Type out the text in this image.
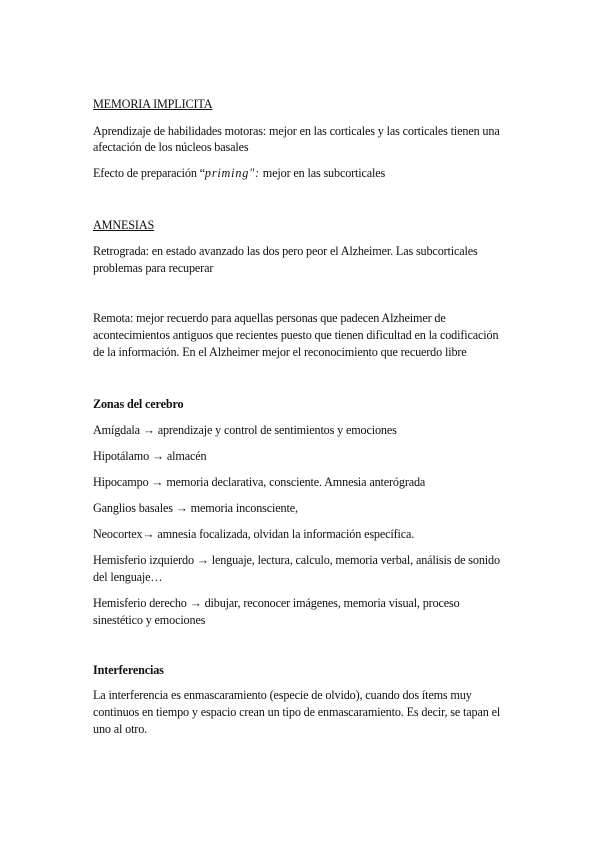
MEMORIA IMPLICITA
Aprendizaje de habilidades motoras: mejor en las corticales y las corticales tienen una
afectación de los núcleos basales
Efecto de preparación “priming": mejor en las subcorticales
AMNESIAS
Retrograda: en estado avanzado las dos pero peor el Alzheimer. Las subcorticales
problemas para recuperar
Remota: mejor recuerdo para aquellas personas que padecen Alzheimer de
acontecimientos antiguos que recientes puesto que tienen dificultad en la codificación
de la información. En el Alzheimer mejor el reconocimiento que recuerdo libre
Zonas del cerebro
Amígdala → aprendizaje y control de sentimientos y emociones
Hipotálamo → almacén
Hipocampo → memoria declarativa, consciente. Amnesia anterógrada
Ganglios basales → memoria inconsciente,
Neocortex→ amnesia focalizada, olvidan la información específica.
Hemisferio izquierdo → lenguaje, lectura, calculo, memoria verbal, análisis de sonido
del lenguaje…
Hemisferio derecho → dibujar, reconocer imágenes, memoria visual, proceso
sinestético y emociones
Interferencias
La interferencia es enmascaramiento (especie de olvido), cuando dos ítems muy
continuos en tiempo y espacio crean un tipo de enmascaramiento. Es decir, se tapan el
uno al otro.
